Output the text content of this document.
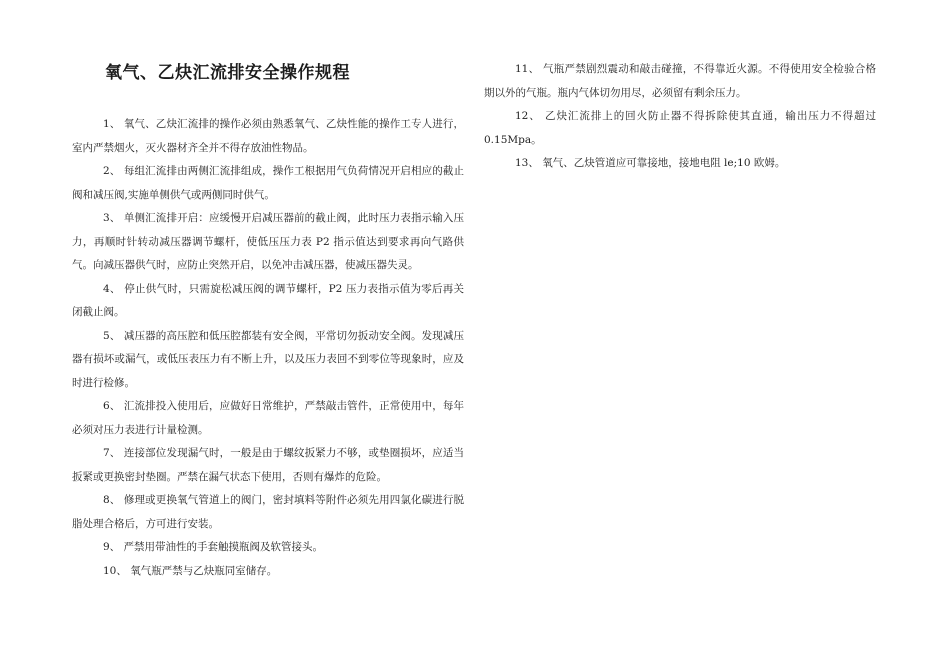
氧气、乙炔汇流排安全操作规程

1、 氧气、乙炔汇流排的操作必须由熟悉氧气、乙炔性能的操作工专人进行，室内严禁烟火，灭火器材齐全并不得存放油性物品。

2、 每组汇流排由两侧汇流排组成，操作工根据用气负荷情况开启相应的截止阀和减压阀,实施单侧供气或两侧同时供气。

3、 单侧汇流排开启：应缓慢开启减压器前的截止阀，此时压力表指示输入压力，再顺时针转动减压器调节螺杆，使低压压力表 P2 指示值达到要求再向气路供气。向减压器供气时，应防止突然开启，以免冲击减压器，使减压器失灵。

4、 停止供气时，只需旋松减压阀的调节螺杆，P2 压力表指示值为零后再关闭截止阀。

5、 减压器的高压腔和低压腔都装有安全阀，平常切勿扳动安全阀。发现减压器有损坏或漏气，或低压表压力有不断上升，以及压力表回不到零位等现象时，应及时进行检修。

6、 汇流排投入使用后，应做好日常维护，严禁敲击管件，正常使用中，每年必须对压力表进行计量检测。

7、 连接部位发现漏气时，一般是由于螺纹扳紧力不够，或垫圈损坏，应适当扳紧或更换密封垫圈。严禁在漏气状态下使用，否则有爆炸的危险。

8、 修理或更换氧气管道上的阀门，密封填料等附件必须先用四氯化碳进行脱脂处理合格后，方可进行安装。

9、 严禁用带油性的手套触摸瓶阀及软管接头。

10、 氧气瓶严禁与乙炔瓶同室储存。

11、 气瓶严禁剧烈震动和敲击碰撞，不得靠近火源。不得使用安全检验合格期以外的气瓶。瓶内气体切勿用尽，必须留有剩余压力。

12、 乙炔汇流排上的回火防止器不得拆除使其直通，输出压力不得超过 0.15Mpa。

13、 氧气、乙炔管道应可靠接地，接地电阻 le;10 欧姆。
